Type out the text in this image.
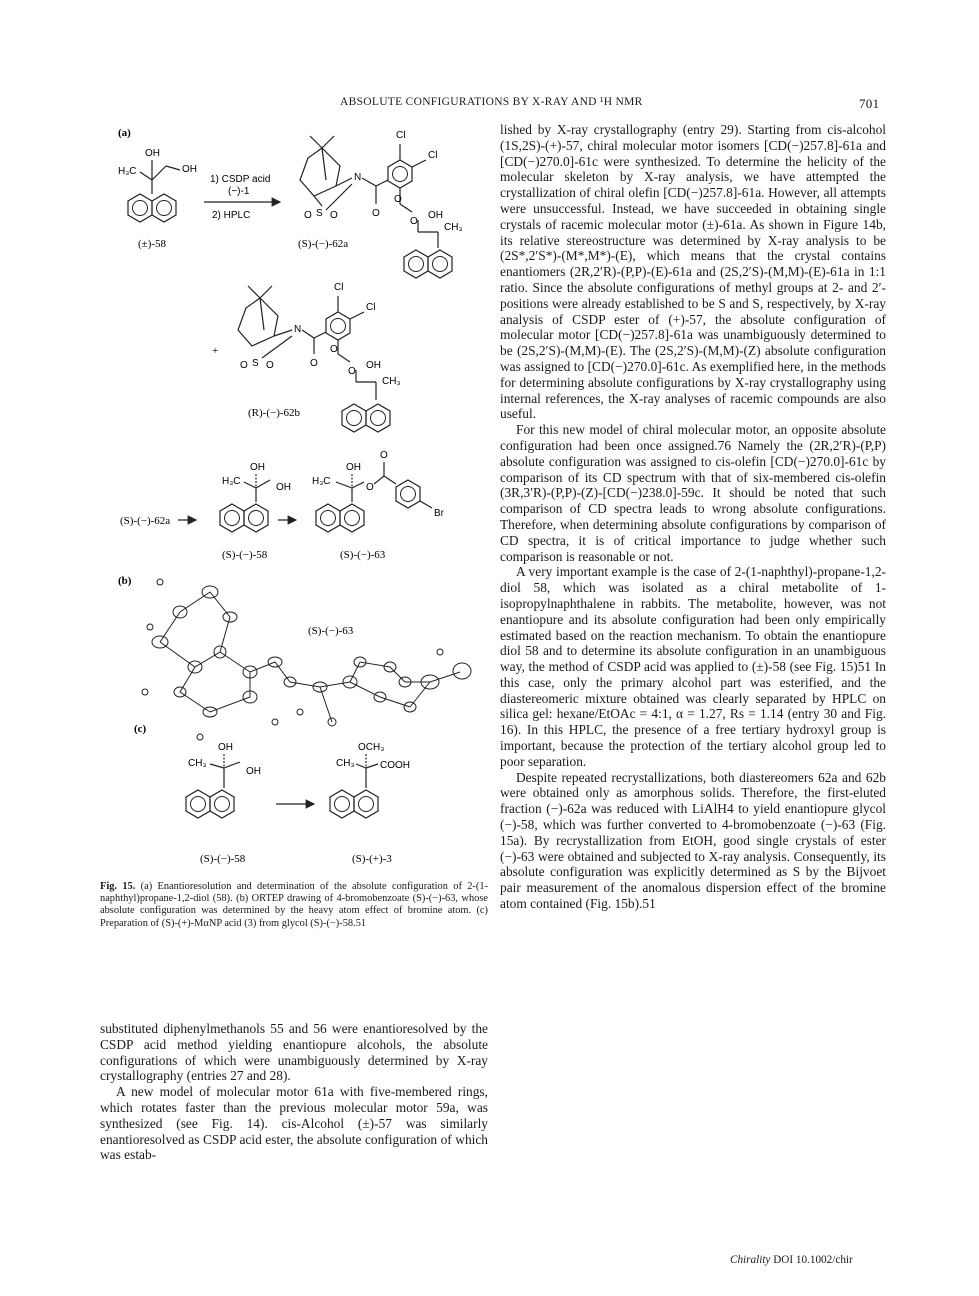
ABSOLUTE CONFIGURATIONS BY X-RAY AND ¹H NMR	701
(a)
OH
H₃C	OH
(±)-58
1) CSDP acid
(−)-1
2) HPLC
N
S
O O	O
Cl
Cl
O
O
OH
CH₃
(S)-(−)-62a
+
N
S
O O	O
Cl
Cl
O
O
OH
CH₃
(R)-(−)-62b
(S)-(−)-62a
OH
H₃C
OH
(S)-(−)-58
OH
H₃C
O
O
Br
(S)-(−)-63
(b)
(S)-(−)-63
(c)
OH
CH₃
OH
(S)-(−)-58
OCH₃
CH₃	COOH
(S)-(+)-3
Fig. 15. (a) Enantioresolution and determination of the absolute configuration of 2-(1-naphthyl)propane-1,2-diol (58). (b) ORTEP drawing of 4-bromobenzoate (S)-(−)-63, whose absolute configuration was determined by the heavy atom effect of bromine atom. (c) Preparation of (S)-(+)-MαNP acid (3) from glycol (S)-(−)-58.51

substituted diphenylmethanols 55 and 56 were enantioresolved by the CSDP acid method yielding enantiopure alcohols, the absolute configurations of which were unambiguously determined by X-ray crystallography (entries 27 and 28).

A new model of molecular motor 61a with five-membered rings, which rotates faster than the previous molecular motor 59a, was synthesized (see Fig. 14). cis-Alcohol (±)-57 was similarly enantioresolved as CSDP acid ester, the absolute configuration of which was estab-

lished by X-ray crystallography (entry 29). Starting from cis-alcohol (1S,2S)-(+)-57, chiral molecular motor isomers [CD(−)257.8]-61a and [CD(−)270.0]-61c were synthesized. To determine the helicity of the molecular skeleton by X-ray analysis, we have attempted the crystallization of chiral olefin [CD(−)257.8]-61a. However, all attempts were unsuccessful. Instead, we have succeeded in obtaining single crystals of racemic molecular motor (±)-61a. As shown in Figure 14b, its relative stereostructure was determined by X-ray analysis to be (2S*,2′S*)-(M*,M*)-(E), which means that the crystal contains enantiomers (2R,2′R)-(P,P)-(E)-61a and (2S,2′S)-(M,M)-(E)-61a in 1:1 ratio. Since the absolute configurations of methyl groups at 2- and 2′-positions were already established to be S and S, respectively, by X-ray analysis of CSDP ester of (+)-57, the absolute configuration of molecular motor [CD(−)257.8]-61a was unambiguously determined to be (2S,2′S)-(M,M)-(E). The (2S,2′S)-(M,M)-(Z) absolute configuration was assigned to [CD(−)270.0]-61c. As exemplified here, in the methods for determining absolute configurations by X-ray crystallography using internal references, the X-ray analyses of racemic compounds are also useful.

For this new model of chiral molecular motor, an opposite absolute configuration had been once assigned.76 Namely the (2R,2′R)-(P,P) absolute configuration was assigned to cis-olefin [CD(−)270.0]-61c by comparison of its CD spectrum with that of six-membered cis-olefin (3R,3′R)-(P,P)-(Z)-[CD(−)238.0]-59c. It should be noted that such comparison of CD spectra leads to wrong absolute configurations. Therefore, when determining absolute configurations by comparison of CD spectra, it is of critical importance to judge whether such comparison is reasonable or not.

A very important example is the case of 2-(1-naphthyl)-propane-1,2-diol 58, which was isolated as a chiral metabolite of 1-isopropylnaphthalene in rabbits. The metabolite, however, was not enantiopure and its absolute configuration had been only empirically estimated based on the reaction mechanism. To obtain the enantiopure diol 58 and to determine its absolute configuration in an unambiguous way, the method of CSDP acid was applied to (±)-58 (see Fig. 15)51 In this case, only the primary alcohol part was esterified, and the diastereomeric mixture obtained was clearly separated by HPLC on silica gel: hexane/EtOAc = 4:1, α = 1.27, Rs = 1.14 (entry 30 and Fig. 16). In this HPLC, the presence of a free tertiary hydroxyl group is important, because the protection of the tertiary alcohol group led to poor separation.

Despite repeated recrystallizations, both diastereomers 62a and 62b were obtained only as amorphous solids. Therefore, the first-eluted fraction (−)-62a was reduced with LiAlH4 to yield enantiopure glycol (−)-58, which was further converted to 4-bromobenzoate (−)-63 (Fig. 15a). By recrystallization from EtOH, good single crystals of ester (−)-63 were obtained and subjected to X-ray analysis. Consequently, its absolute configuration was explicitly determined as S by the Bijvoet pair measurement of the anomalous dispersion effect of the bromine atom contained (Fig. 15b).51

Chirality DOI 10.1002/chir
